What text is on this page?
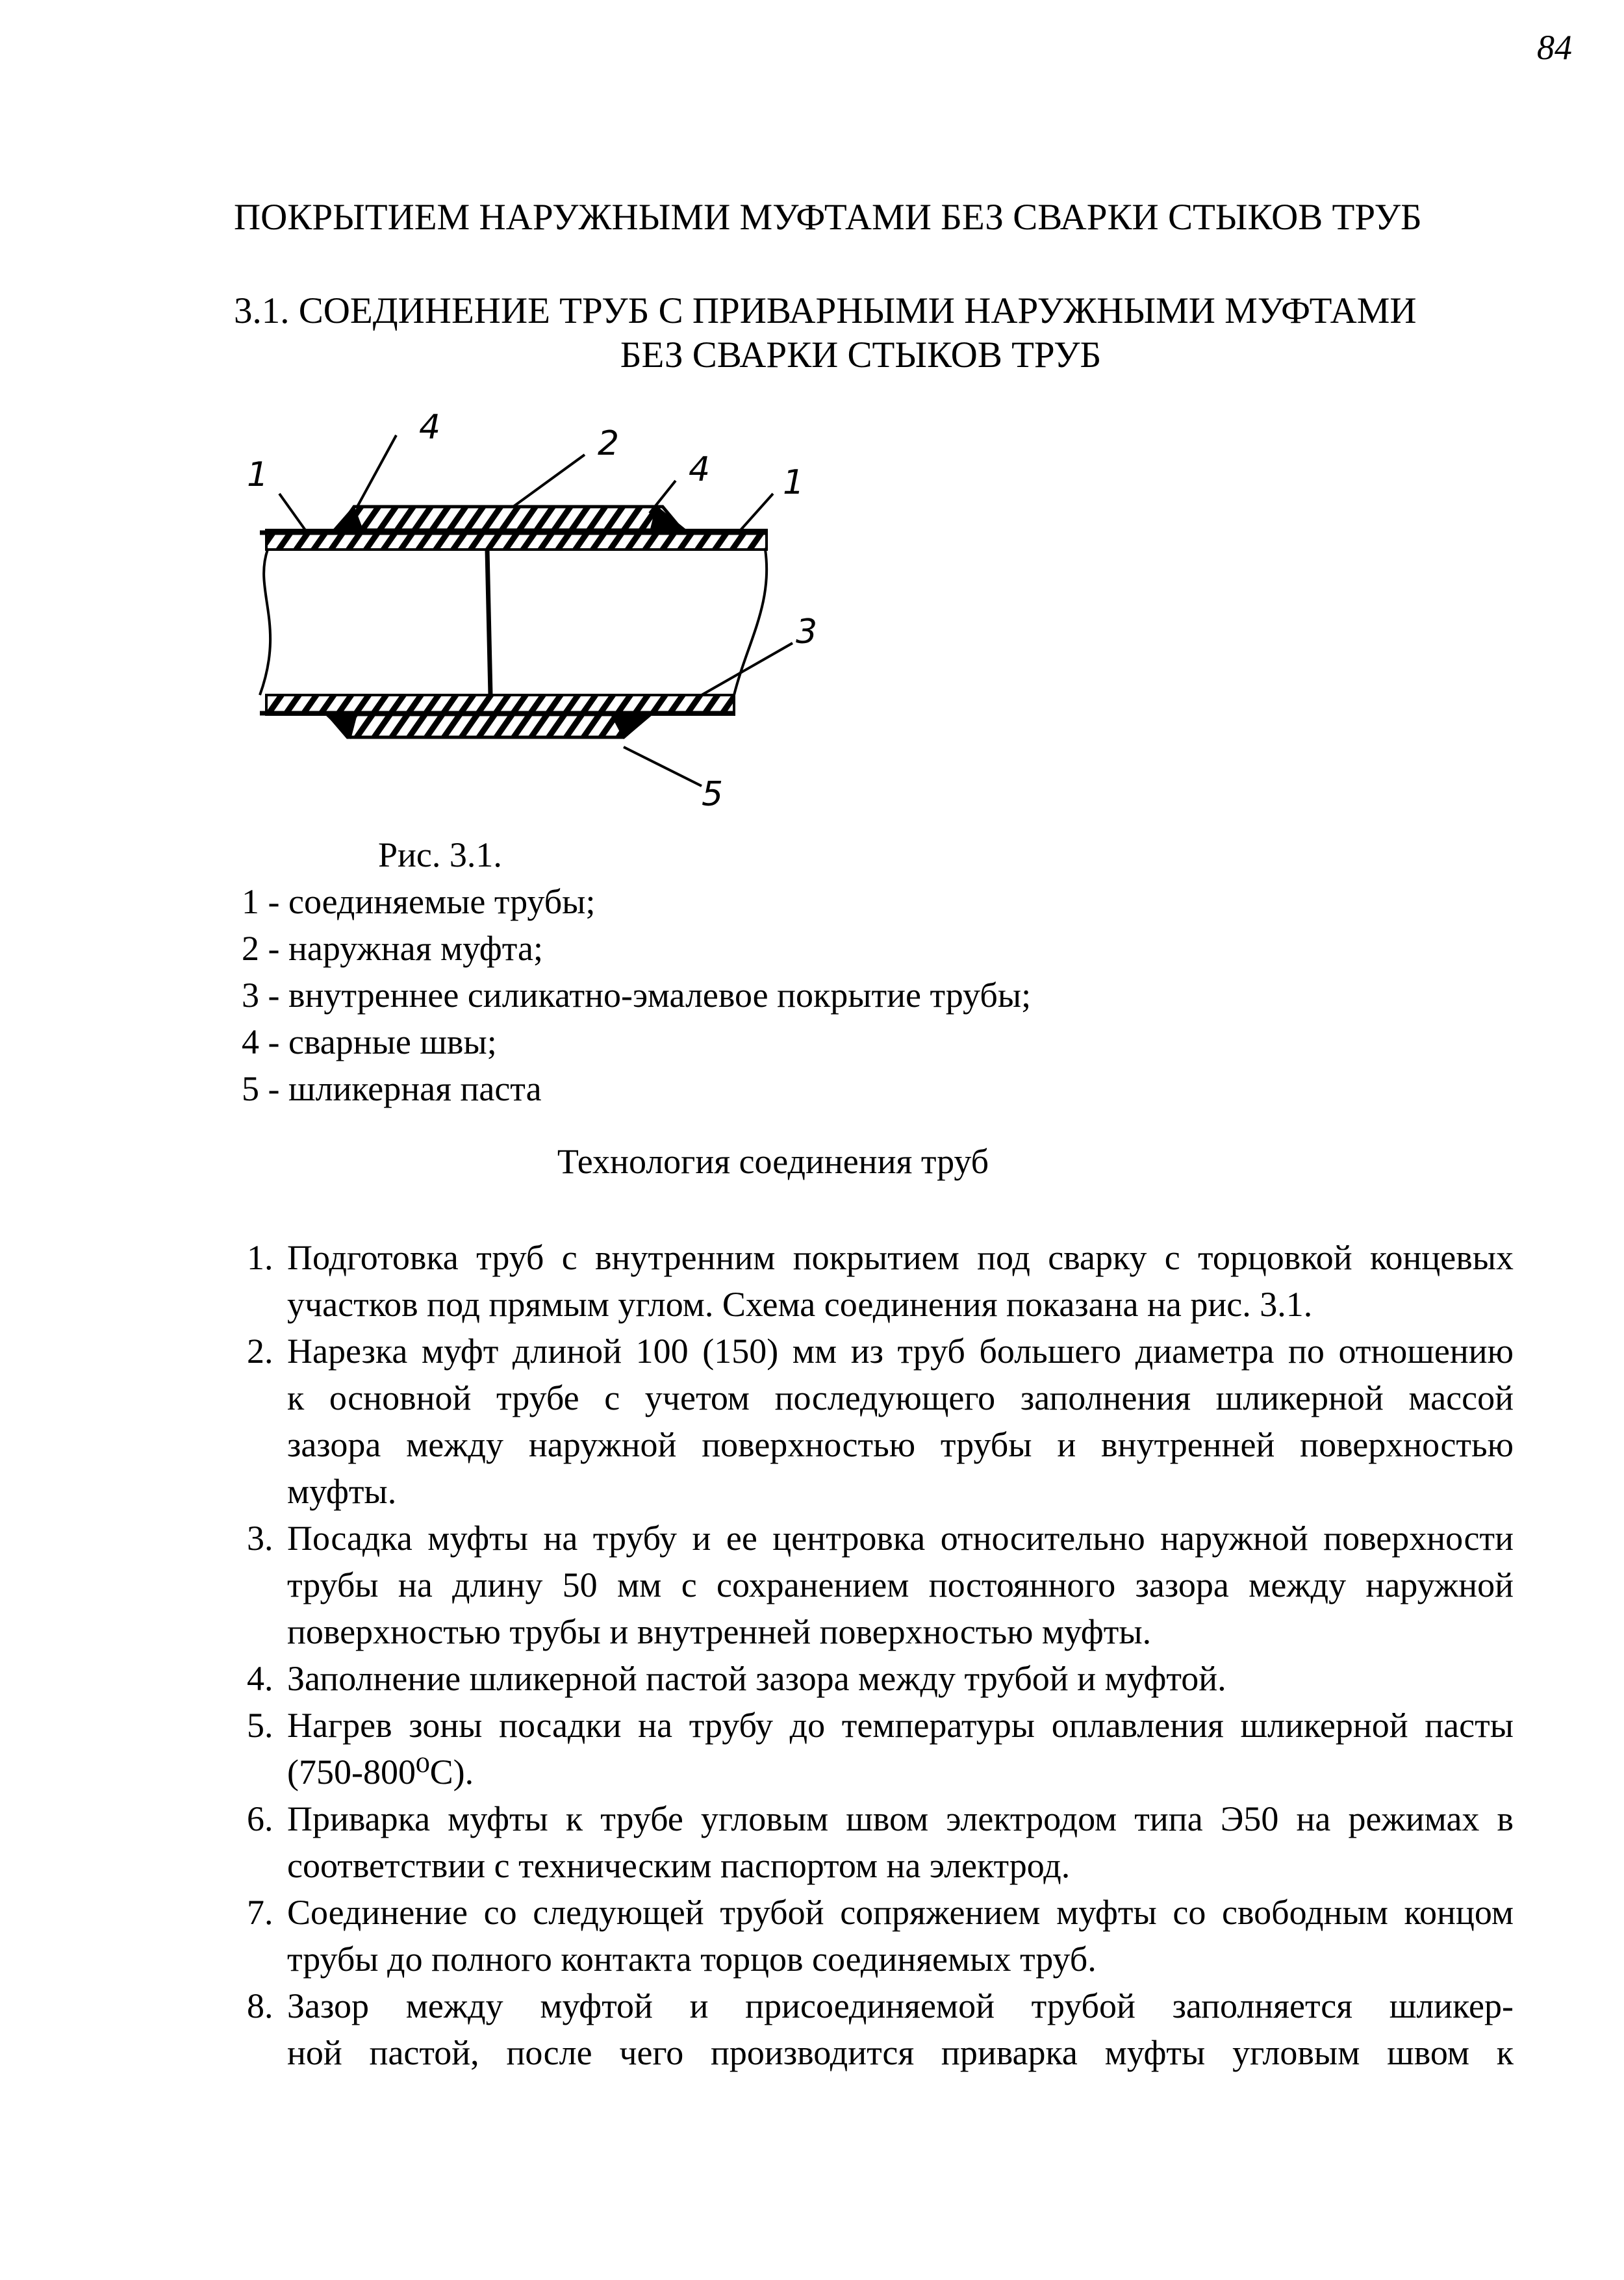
84
ПОКРЫТИЕМ НАРУЖНЫМИ МУФТАМИ БЕЗ СВАРКИ СТЫКОВ ТРУБ
3.1. СОЕДИНЕНИЕ ТРУБ С ПРИВАРНЫМИ НАРУЖНЫМИ МУФТАМИ
БЕЗ СВАРКИ СТЫКОВ ТРУБ
1
4	2
4 1
3
5
Рис. 3.1.
1 - соединяемые трубы;
2 - наружная муфта;
3 - внутреннее силикатно-эмалевое покрытие трубы;
4 - сварные швы;
5 - шликерная паста
Технология соединения труб
1. Подготовка труб с внутренним покрытием под сварку с торцовкой концевых
участков под прямым углом. Схема соединения показана на рис. 3.1.
2. Нарезка муфт длиной 100 (150) мм из труб большего диаметра по отношению
к основной трубе с учетом последующего заполнения шликерной массой
зазора между наружной поверхностью трубы и внутренней поверхностью
муфты.
3. Посадка муфты на трубу и ее центровка относительно наружной поверхности
трубы на длину 50 мм с сохранением постоянного зазора между наружной
поверхностью трубы и внутренней поверхностью муфты.
4. Заполнение шликерной пастой зазора между трубой и муфтой.
5. Нагрев зоны посадки на трубу до температуры оплавления шликерной пасты
(750-800⁰С).
6. Приварка муфты к трубе угловым швом электродом типа Э50 на режимах в
соответствии с техническим паспортом на электрод.
7. Соединение со следующей трубой сопряжением муфты со свободным концом
трубы до полного контакта торцов соединяемых труб.
8. Зазор между муфтой и присоединяемой трубой заполняется шликер-
ной пастой, после чего производится приварка муфты угловым швом к
